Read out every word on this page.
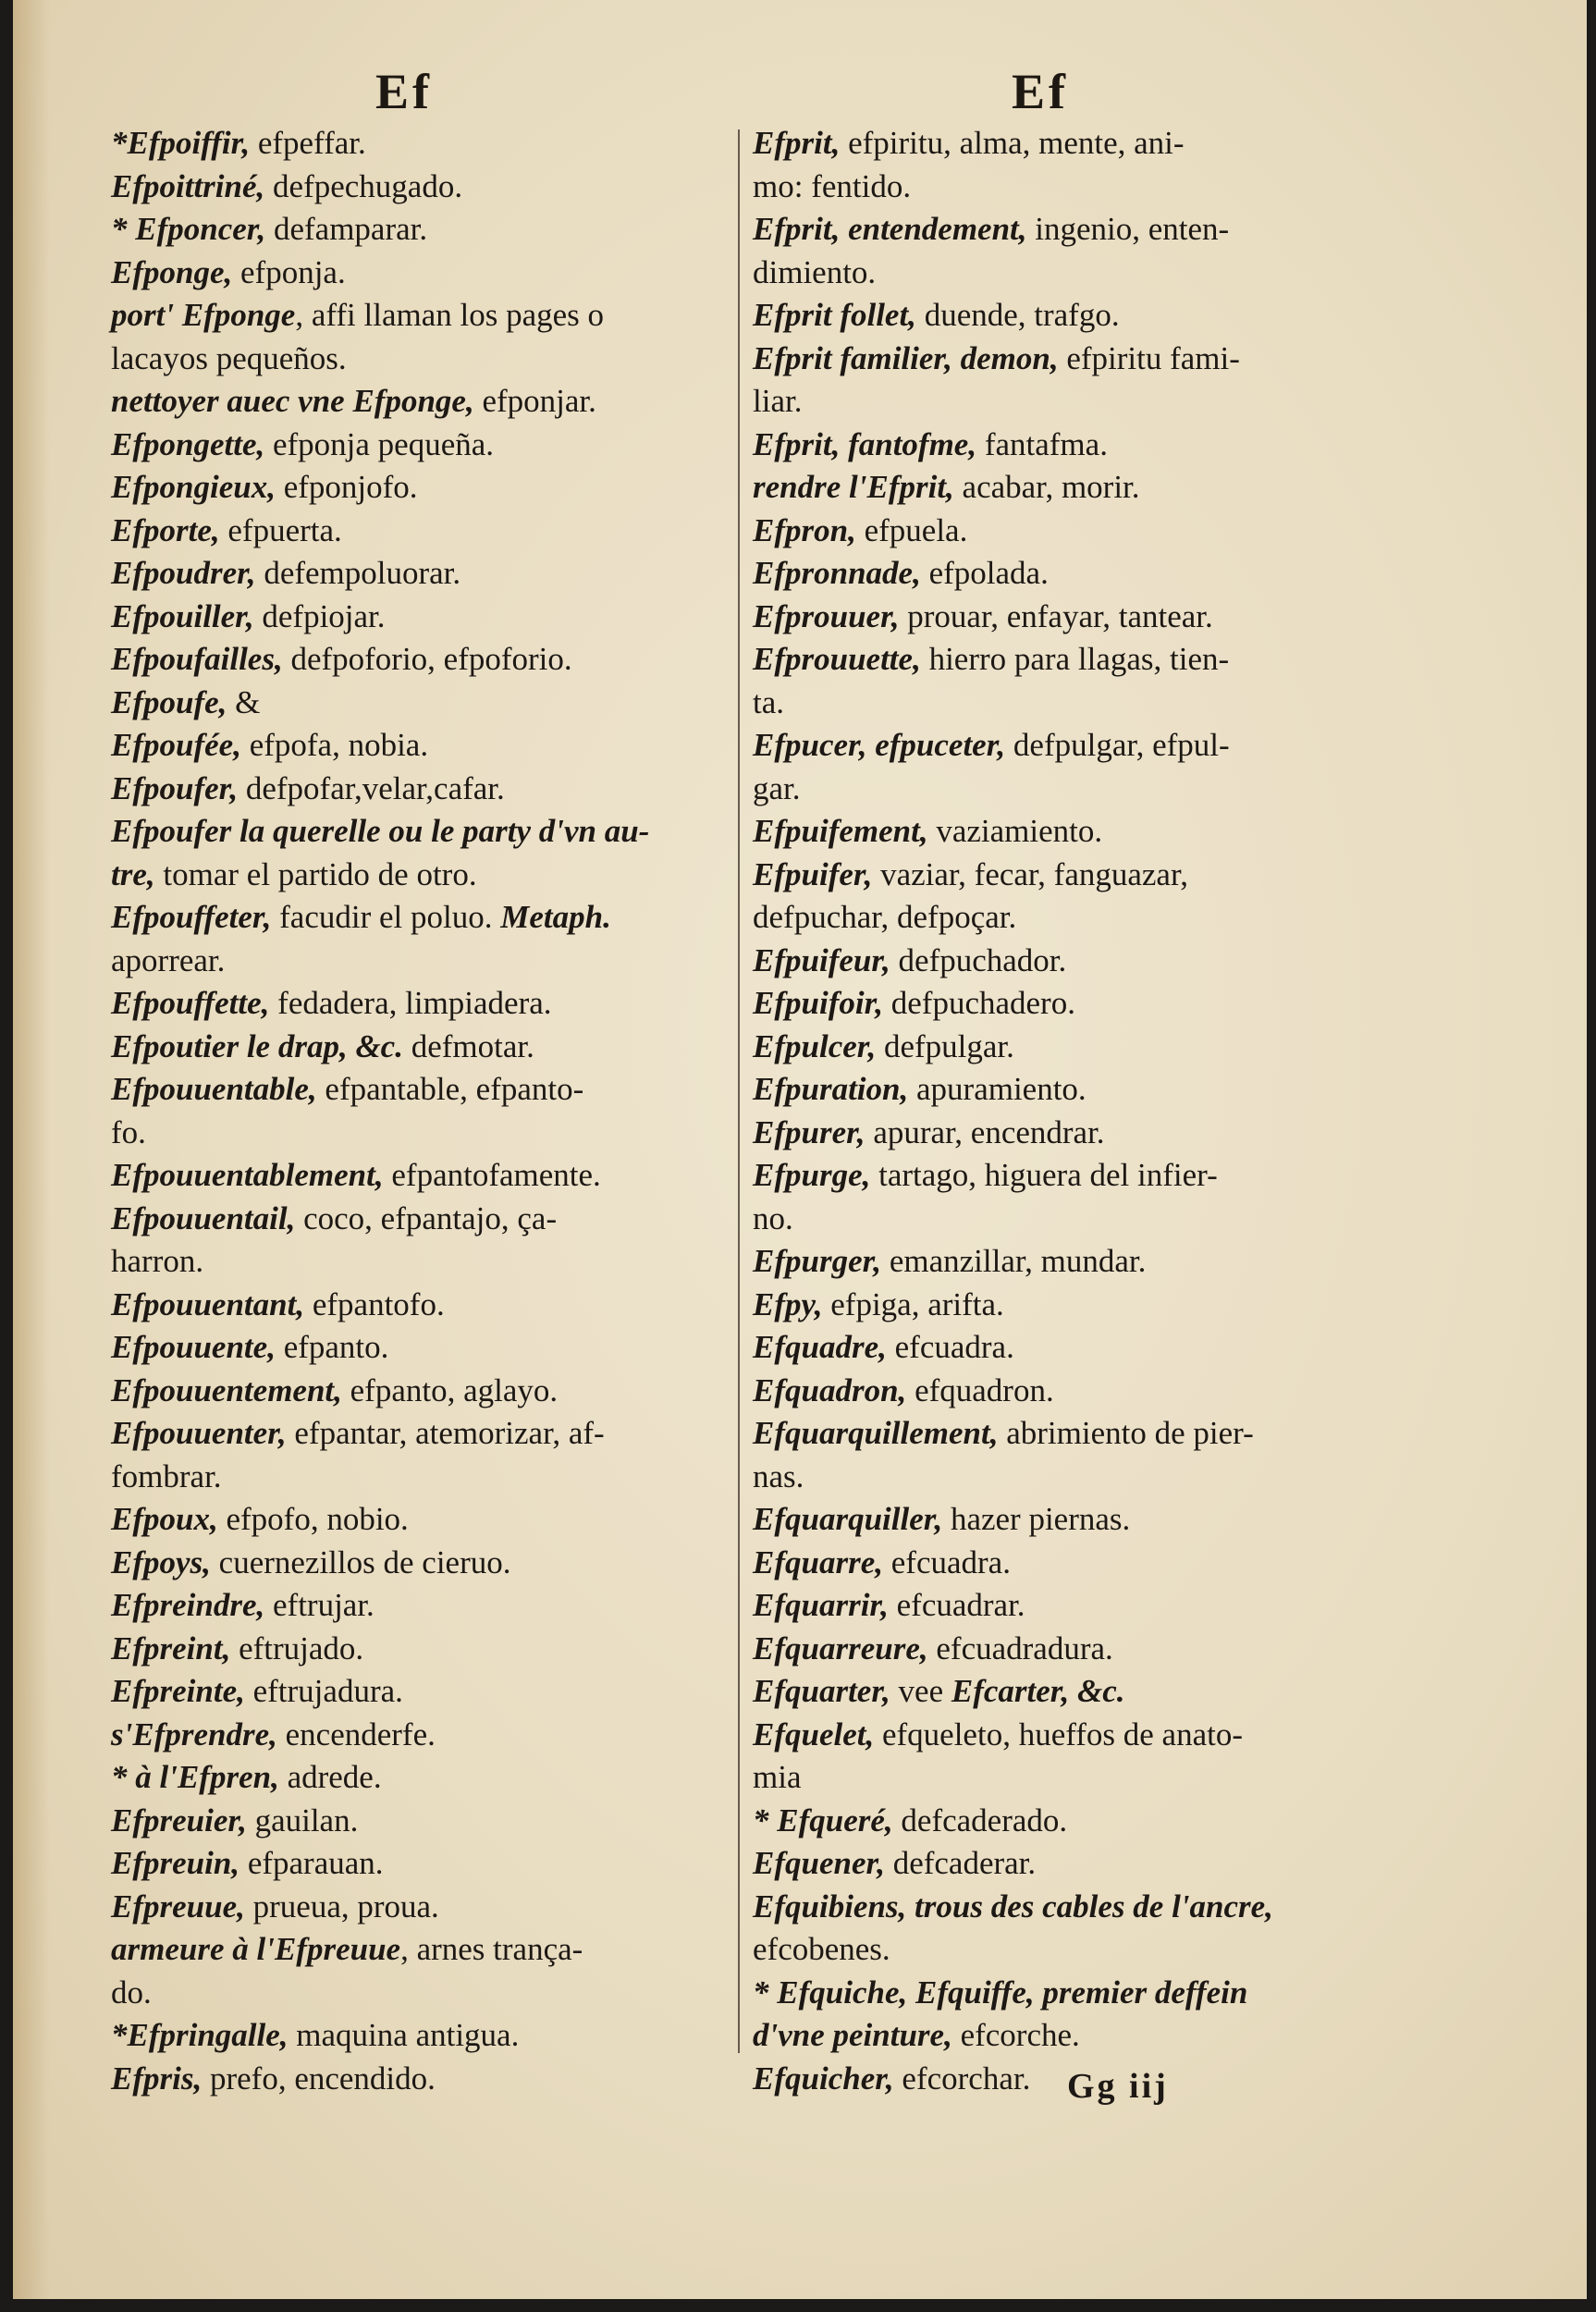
Ef	Ef
*Efpoiffir, efpeffar.
Efpoittriné, defpechugado.
* Efponcer, defamparar.
Efponge, efponja.
port' Efponge, affi llaman los pages o
lacayos pequeños.
nettoyer auec vne Efponge, efponjar.
Efpongette, efponja pequeña.
Efpongieux, efponjofo.
Efporte, efpuerta.
Efpoudrer, defempoluorar.
Efpouiller, defpiojar.
Efpoufailles, defpoforio, efpoforio.
Efpoufe, &
Efpoufée, efpofa, nobia.
Efpoufer, defpofar,velar,cafar.
Efpoufer la querelle ou le party d'vn au-
tre, tomar el partido de otro.
Efpouffeter, facudir el poluo. Metaph.
aporrear.
Efpouffette, fedadera, limpiadera.
Efpoutier le drap, &c. defmotar.
Efpouuentable, efpantable, efpanto-
fo.
Efpouuentablement, efpantofamente.
Efpouuentail, coco, efpantajo, ça-
harron.
Efpouuentant, efpantofo.
Efpouuente, efpanto.
Efpouuentement, efpanto, aglayo.
Efpouuenter, efpantar, atemorizar, af-
fombrar.
Efpoux, efpofo, nobio.
Efpoys, cuernezillos de cieruo.
Efpreindre, eftrujar.
Efpreint, eftrujado.
Efpreinte, eftrujadura.
s'Efprendre, encenderfe.
* à l'Efpren, adrede.
Efpreuier, gauilan.
Efpreuin, efparauan.
Efpreuue, prueua, proua.
armeure à l'Efpreuue, arnes trança-
do.
*Efpringalle, maquina antigua.
Efpris, prefo, encendido.
Efprit, efpiritu, alma, mente, ani-
mo: fentido.
Efprit, entendement, ingenio, enten-
dimiento.
Efprit follet, duende, trafgo.
Efprit familier, demon, efpiritu fami-
liar.
Efprit, fantofme, fantafma.
rendre l'Efprit, acabar, morir.
Efpron, efpuela.
Efpronnade, efpolada.
Efprouuer, prouar, enfayar, tantear.
Efprouuette, hierro para llagas, tien-
ta.
Efpucer, efpuceter, defpulgar, efpul-
gar.
Efpuifement, vaziamiento.
Efpuifer, vaziar, fecar, fanguazar,
defpuchar, defpoçar.
Efpuifeur, defpuchador.
Efpuifoir, defpuchadero.
Efpulcer, defpulgar.
Efpuration, apuramiento.
Efpurer, apurar, encendrar.
Efpurge, tartago, higuera del infier-
no.
Efpurger, emanzillar, mundar.
Efpy, efpiga, arifta.
Efquadre, efcuadra.
Efquadron, efquadron.
Efquarquillement, abrimiento de pier-
nas.
Efquarquiller, hazer piernas.
Efquarre, efcuadra.
Efquarrir, efcuadrar.
Efquarreure, efcuadradura.
Efquarter, vee Efcarter, &c.
Efquelet, efqueleto, hueffos de anato-
mia
* Efqueré, defcaderado.
Efquener, defcaderar.
Efquibiens, trous des cables de l'ancre,
efcobenes.
* Efquiche, Efquiffe, premier deffein
d'vne peinture, efcorche.
Efquicher, efcorchar.	Gg iij
